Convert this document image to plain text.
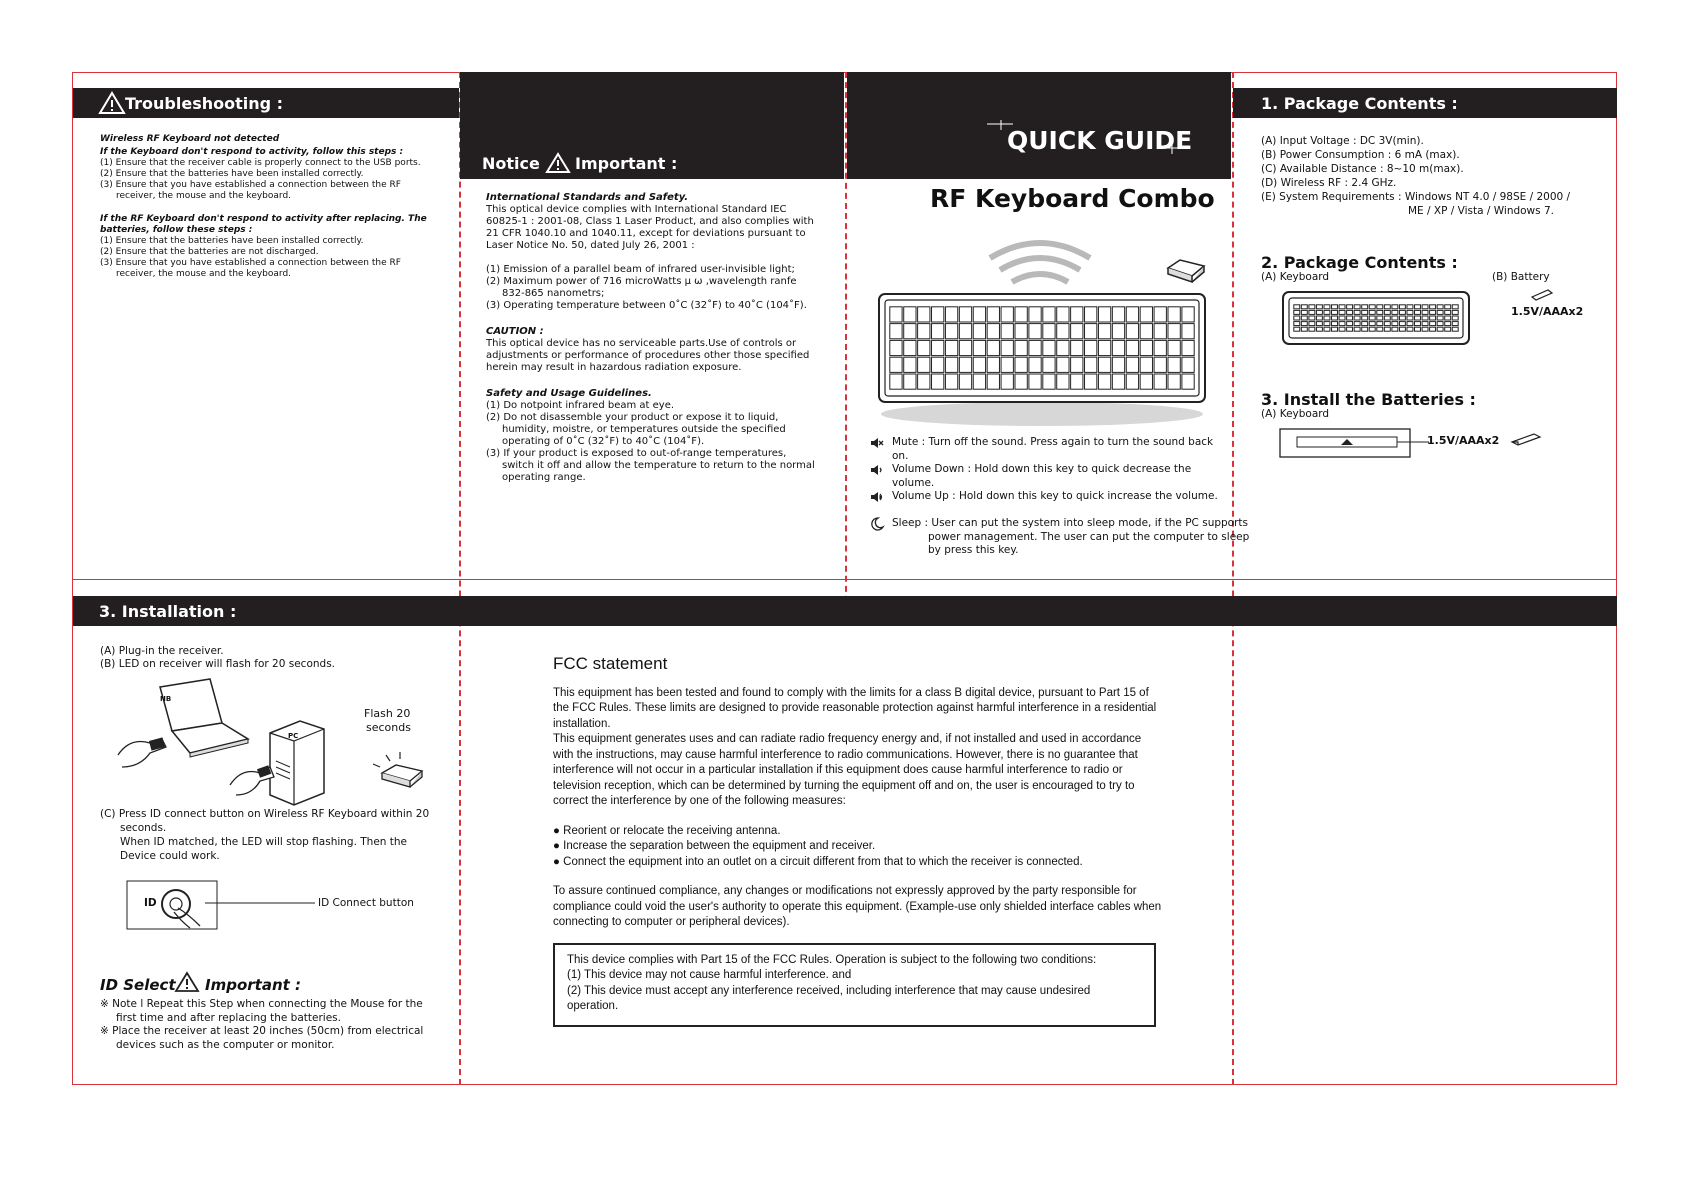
Troubleshooting :
Notice Important :
QUICK GUIDE
1. Package Contents :
3. Installation :
Wireless RF Keyboard not detected
If the Keyboard don't respond to activity, follow this steps :
(1) Ensure that the receiver cable is properly connect to the USB ports.
(2) Ensure that the batteries have been installed correctly.
(3) Ensure that you have established a connection between the RF receiver, the mouse and the keyboard.
If the RF Keyboard don't respond to activity after replacing. The batteries, follow these steps :
(1) Ensure that the batteries have been installed correctly.
(2) Ensure that the batteries are not discharged.
(3) Ensure that you have established a connection between the RF receiver, the mouse and the keyboard.
International Standards and Safety.
This optical device complies with International Standard IEC 60825-1 : 2001-08, Class 1 Laser Product, and also complies with 21 CFR 1040.10 and 1040.11, except for deviations pursuant to Laser Notice No. 50, dated July 26, 2001 :
(1) Emission of a parallel beam of infrared user-invisible light;
(2) Maximum power of 716 microWatts µ ω ,wavelength ranfe 832-865 nanometrs;
(3) Operating temperature between 0˚C (32˚F) to 40˚C (104˚F).
CAUTION :
This optical device has no serviceable parts.Use of controls or adjustments or performance of procedures other those specified herein may result in hazardous radiation exposure.
Safety and Usage Guidelines.
(1) Do notpoint infrared beam at eye.
(2) Do not disassemble your product or expose it to liquid, humidity, moistre, or temperatures outside the specified operating of 0˚C (32˚F) to 40˚C (104˚F).
(3) If your product is exposed to out-of-range temperatures, switch it off and allow the temperature to return to the normal operating range.
RF Keyboard Combo
Mute : Turn off the sound. Press again to turn the sound back on.
Volume Down : Hold down this key to quick decrease the volume.
Volume Up : Hold down this key to quick increase the volume.
Sleep : User can put the system into sleep mode, if the PC supports power management. The user can put the computer to sleep by press this key.
(A) Input Voltage : DC 3V(min).
(B) Power Consumption : 6 mA (max).
(C) Available Distance : 8~10 m(max).
(D) Wireless RF : 2.4 GHz.
(E) System Requirements : Windows NT 4.0 / 98SE / 2000 /
ME / XP / Vista / Windows 7.
2. Package Contents :
(A) Keyboard	(B) Battery
1.5V/AAAx2
3. Install the Batteries :
(A) Keyboard
1.5V/AAAx2
(A) Plug-in the receiver.
(B) LED on receiver will flash for 20 seconds.
NB
PC
Flash 20
seconds
(C) Press ID connect button on Wireless RF Keyboard within 20 seconds.
When ID matched, the LED will stop flashing. Then the Device could work.
ID	ID Connect button
ID Select Important :
※ Note l Repeat this Step when connecting the Mouse for the first time and after replacing the batteries.
※ Place the receiver at least 20 inches (50cm) from electrical devices such as the computer or monitor.
FCC statement

This equipment has been tested and found to comply with the limits for a class B digital device, pursuant to Part 15 of the FCC Rules. These limits are designed to provide reasonable protection against harmful interference in a residential installation.

This equipment generates uses and can radiate radio frequency energy and, if not installed and used in accordance with the instructions, may cause harmful interference to radio communications. However, there is no guarantee that interference will not occur in a particular installation if this equipment does cause harmful interference to radio or television reception, which can be determined by turning the equipment off and on, the user is encouraged to try to correct the interference by one of the following measures:

● Reorient or relocate the receiving antenna.
● Increase the separation between the equipment and receiver.
● Connect the equipment into an outlet on a circuit different from that to which the receiver is connected.

To assure continued compliance, any changes or modifications not expressly approved by the party responsible for compliance could void the user's authority to operate this equipment. (Example-use only shielded interface cables when connecting to computer or peripheral devices).

This device complies with Part 15 of the FCC Rules. Operation is subject to the following two conditions:
(1) This device may not cause harmful interference. and
(2) This device must accept any interference received, including interference that may cause undesired operation.
